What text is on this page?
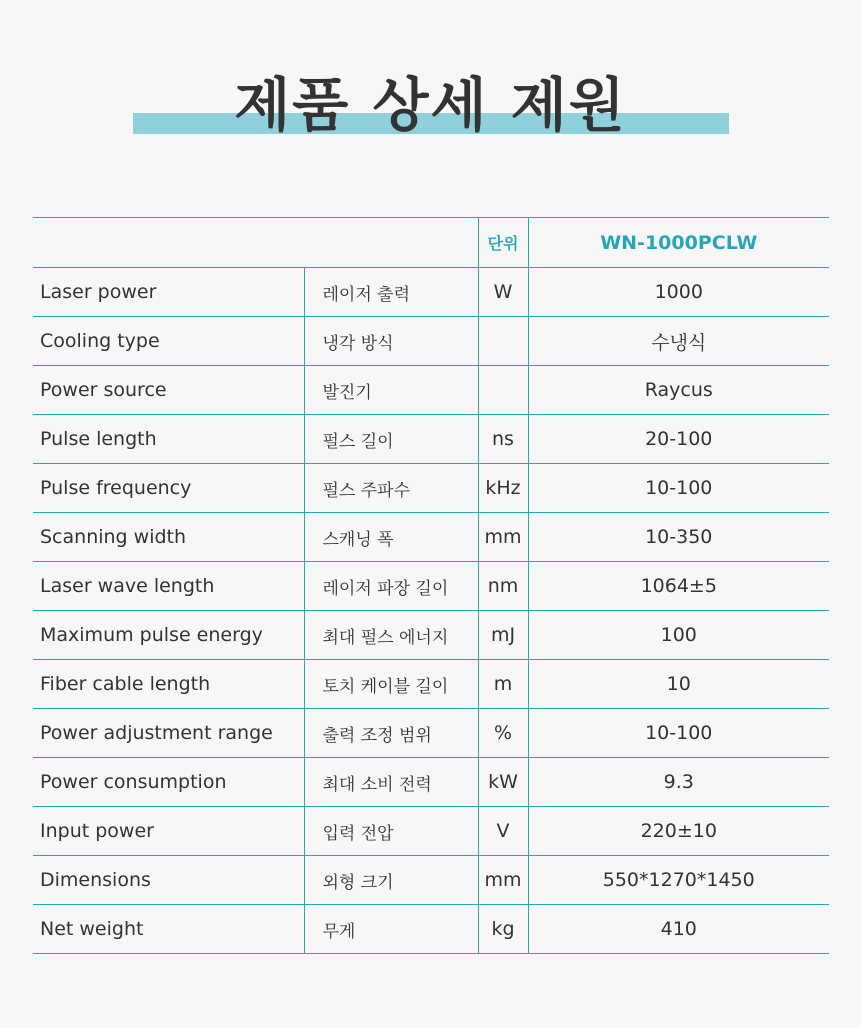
제품 상세 제원
		단위	WN-1000PCLW
Laser power	레이저 출력	W	1000
Cooling type	냉각 방식		수냉식
Power source	발진기		Raycus
Pulse length	펄스 길이	ns	20-100
Pulse frequency	펄스 주파수	kHz	10-100
Scanning width	스캐닝 폭	mm	10-350
Laser wave length	레이저 파장 길이	nm	1064±5
Maximum pulse energy	최대 펄스 에너지	mJ	100
Fiber cable length	토치 케이블 길이	m	10
Power adjustment range	출력 조정 범위	%	10-100
Power consumption	최대 소비 전력	kW	9.3
Input power	입력 전압	V	220±10
Dimensions	외형 크기	mm	550*1270*1450
Net weight	무게	kg	410
